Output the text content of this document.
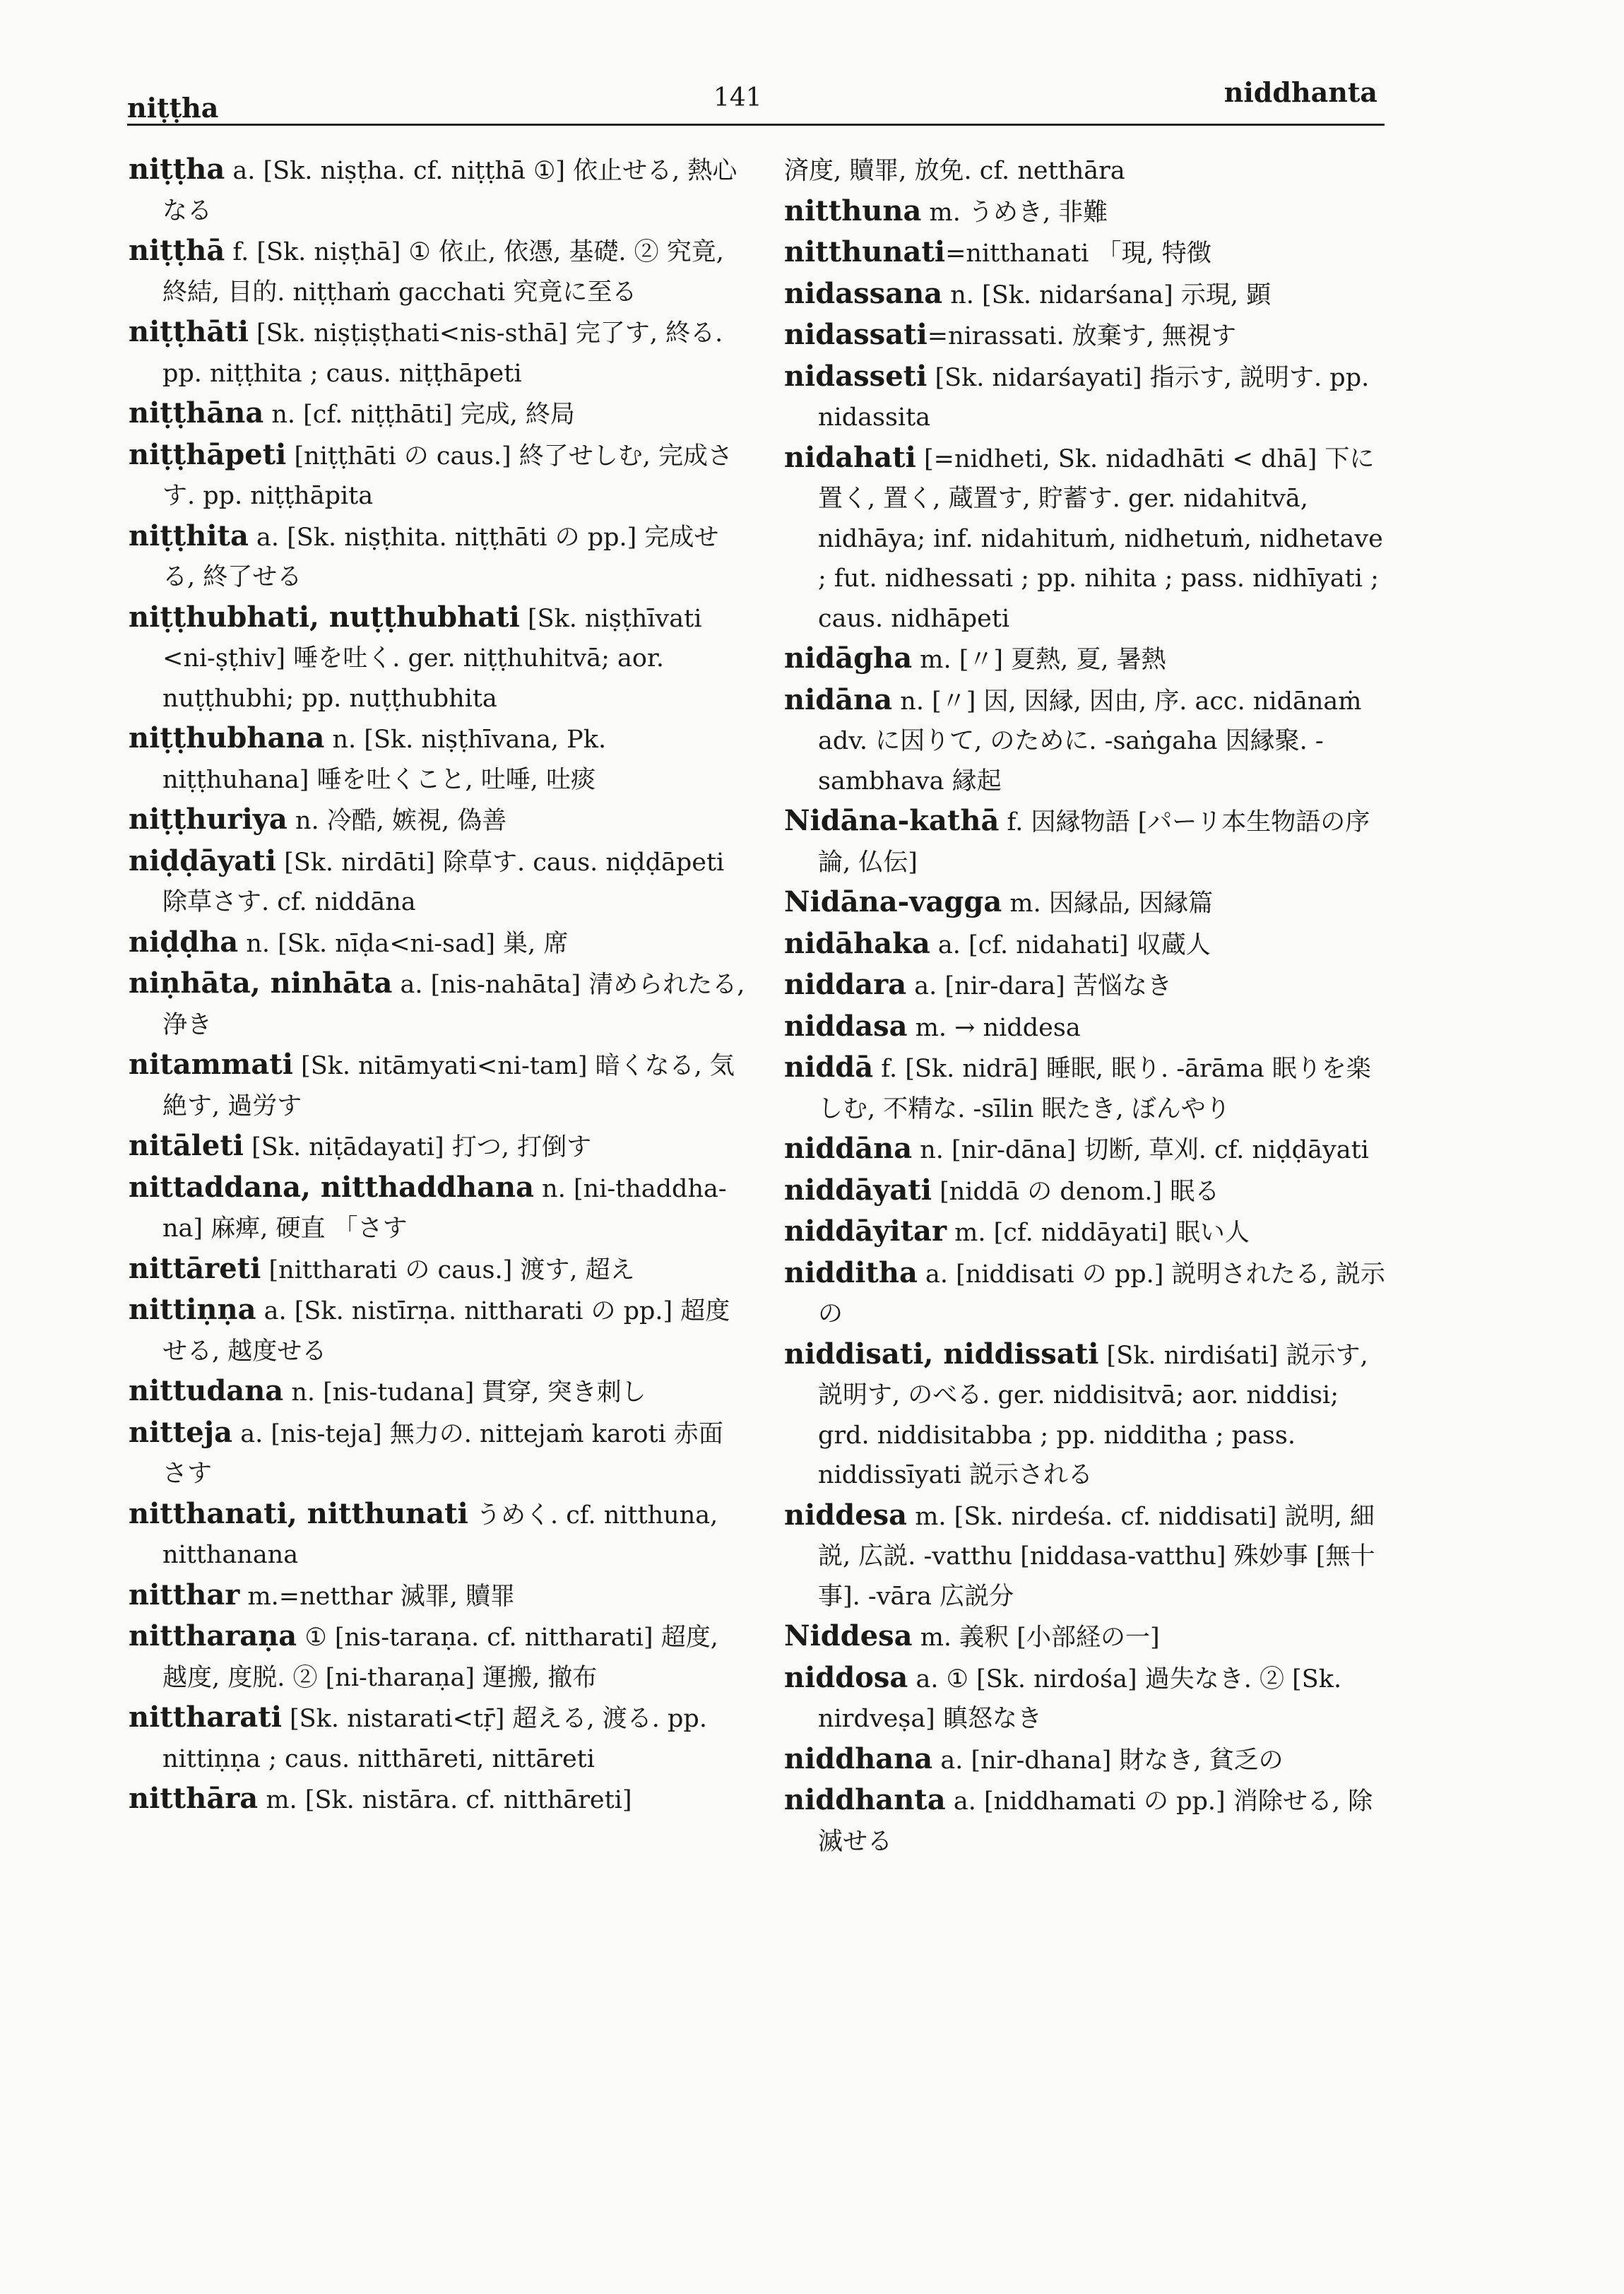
niṭṭha	141	niddhanta

niṭṭha a. [Sk. niṣṭha. cf. niṭṭhā ①] 依止せる, 熱心なる

niṭṭhā f. [Sk. niṣṭhā] ① 依止, 依憑, 基礎. ② 究竟, 終結, 目的. niṭṭhaṁ gacchati 究竟に至る

niṭṭhāti [Sk. niṣṭiṣṭhati<nis-sthā] 完了す, 終る. pp. niṭṭhita ; caus. niṭṭhāpeti

niṭṭhāna n. [cf. niṭṭhāti] 完成, 終局

niṭṭhāpeti [niṭṭhāti の caus.] 終了せしむ, 完成さす. pp. niṭṭhāpita

niṭṭhita a. [Sk. niṣṭhita. niṭṭhāti の pp.] 完成せる, 終了せる

niṭṭhubhati, nuṭṭhubhati [Sk. niṣṭhīvati <ni-ṣṭhiv] 唾を吐く. ger. niṭṭhuhitvā; aor. nuṭṭhubhi; pp. nuṭṭhubhita

niṭṭhubhana n. [Sk. niṣṭhīvana, Pk. niṭṭhuhana] 唾を吐くこと, 吐唾, 吐痰

niṭṭhuriya n. 冷酷, 嫉視, 偽善

niḍḍāyati [Sk. nirdāti] 除草す. caus. niḍḍāpeti 除草さす. cf. niddāna

niḍḍha n. [Sk. nīḍa<ni-sad] 巣, 席

niṇhāta, ninhāta a. [nis-nahāta] 清められたる, 浄き

nitammati [Sk. nitāmyati<ni-tam] 暗くなる, 気絶す, 過労す

nitāleti [Sk. niṭādayati] 打つ, 打倒す

nittaddana, nitthaddhana n. [ni-thaddha-na] 麻痺, 硬直 「さす

nittāreti [nittharati の caus.] 渡す, 超え

nittiṇṇa a. [Sk. nistīrṇa. nittharati の pp.] 超度せる, 越度せる

nittudana n. [nis-tudana] 貫穿, 突き刺し

nitteja a. [nis-teja] 無力の. nittejaṁ karoti 赤面さす

nitthanati, nitthunati うめく. cf. nitthuna, nitthanana

nitthar m.=netthar 滅罪, 贖罪

nittharaṇa ① [nis-taraṇa. cf. nittharati] 超度, 越度, 度脱. ② [ni-tharaṇa] 運搬, 撤布

nittharati [Sk. nistarati<tṝ] 超える, 渡る. pp. nittiṇṇa ; caus. nitthāreti, nittāreti

nitthāra m. [Sk. nistāra. cf. nitthāreti]

済度, 贖罪, 放免. cf. netthāra

nitthuna m. うめき, 非難

nitthunati=nitthanati 「現, 特徴

nidassana n. [Sk. nidarśana] 示現, 顕

nidassati=nirassati. 放棄す, 無視す

nidasseti [Sk. nidarśayati] 指示す, 説明す. pp. nidassita

nidahati [=nidheti, Sk. nidadhāti < dhā] 下に置く, 置く, 蔵置す, 貯蓄す. ger. nidahitvā, nidhāya; inf. nidahituṁ, nidhetuṁ, nidhetave ; fut. nidhessati ; pp. nihita ; pass. nidhīyati ; caus. nidhāpeti

nidāgha m. [〃] 夏熱, 夏, 暑熱

nidāna n. [〃] 因, 因縁, 因由, 序. acc. nidānaṁ adv. に因りて, のために. -saṅgaha 因縁聚. -sambhava 縁起

Nidāna-kathā f. 因縁物語 [パーリ本生物語の序論, 仏伝]

Nidāna-vagga m. 因縁品, 因縁篇

nidāhaka a. [cf. nidahati] 収蔵人

niddara a. [nir-dara] 苦悩なき

niddasa m. → niddesa

niddā f. [Sk. nidrā] 睡眠, 眠り. -ārāma 眠りを楽しむ, 不精な. -sīlin 眠たき, ぼんやり

niddāna n. [nir-dāna] 切断, 草刈. cf. niḍḍāyati

niddāyati [niddā の denom.] 眠る

niddāyitar m. [cf. niddāyati] 眠い人

nidditha a. [niddisati の pp.] 説明されたる, 説示の

niddisati, niddissati [Sk. nirdiśati] 説示す, 説明す, のべる. ger. niddisitvā; aor. niddisi; grd. niddisitabba ; pp. nidditha ; pass. niddissīyati 説示される

niddesa m. [Sk. nirdeśa. cf. niddisati] 説明, 細説, 広説. -vatthu [niddasa-vatthu] 殊妙事 [無十事]. -vāra 広説分

Niddesa m. 義釈 [小部経の一]

niddosa a. ① [Sk. nirdośa] 過失なき. ② [Sk. nirdveṣa] 瞋怒なき

niddhana a. [nir-dhana] 財なき, 貧乏の

niddhanta a. [niddhamati の pp.] 消除せる, 除滅せる
